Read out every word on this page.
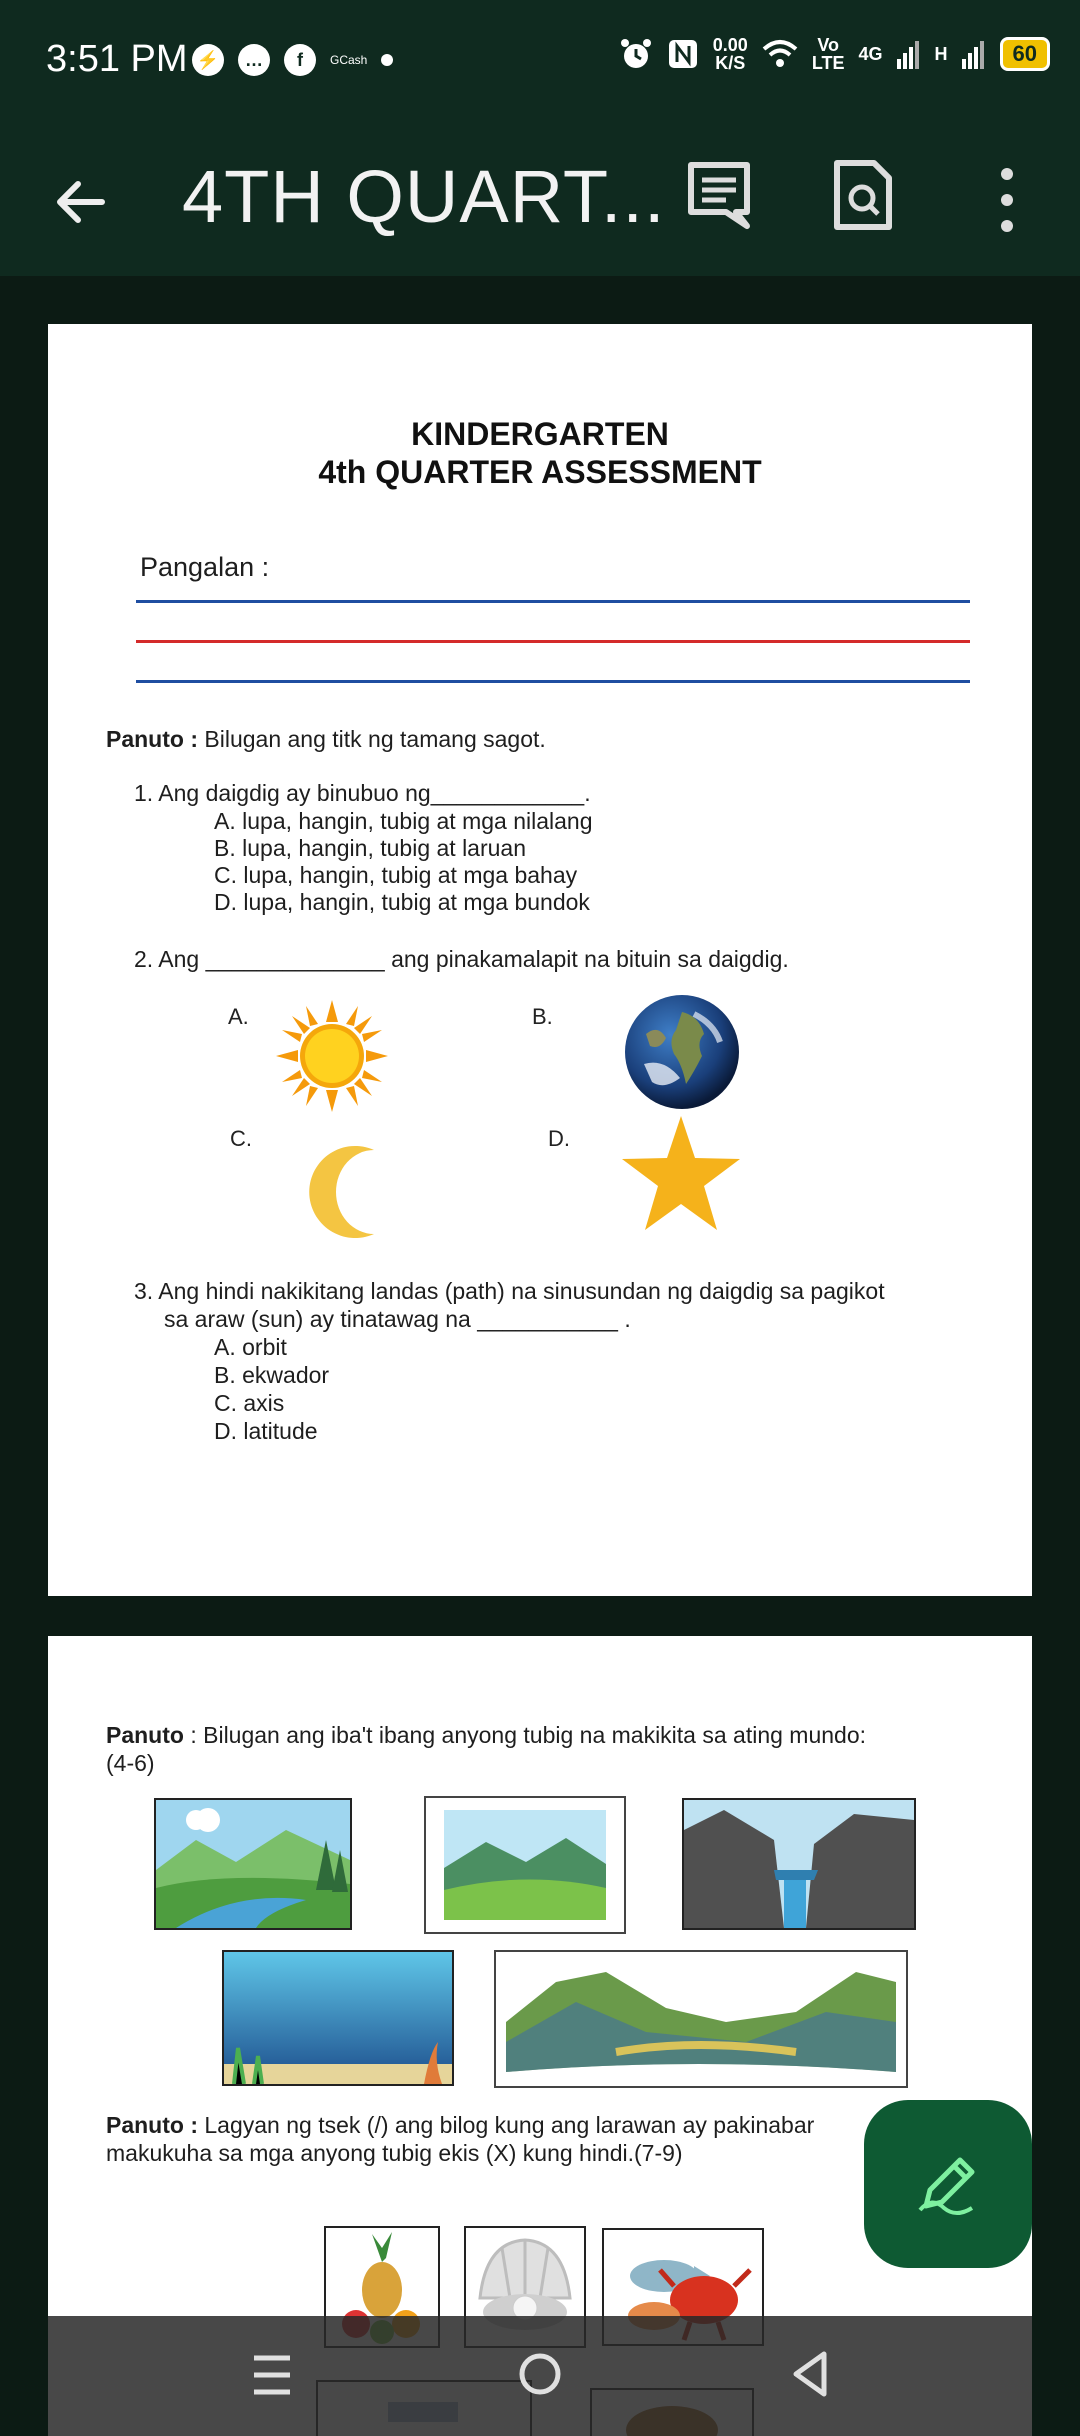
3:51 PM ⚡	…	f	GCash
0.00
K/S
Vo
LTE 4G	H	60
4TH QUART...
KINDERGARTEN
4th QUARTER ASSESSMENT
Pangalan :
Panuto : Bilugan ang titk ng tamang sagot.
1. Ang daigdig ay binubuo ng____________.
A. lupa, hangin, tubig at mga nilalang
B. lupa, hangin, tubig at laruan
C. lupa, hangin, tubig at mga bahay
D. lupa, hangin, tubig at mga bundok
2. Ang ______________ ang pinakamalapit na bituin sa daigdig.
A.	B.
C.	D.
3. Ang hindi nakikitang landas (path) na sinusundan ng daigdig sa pagikot
sa araw (sun) ay tinatawag na ___________ .
A. orbit
B. ekwador
C. axis
D. latitude
Panuto : Bilugan ang iba't ibang anyong tubig na makikita sa ating mundo:
(4-6)
Panuto : Lagyan ng tsek (/) ang bilog kung ang larawan ay pakinabar
makukuha sa mga anyong tubig ekis (X) kung hindi.(7-9)
